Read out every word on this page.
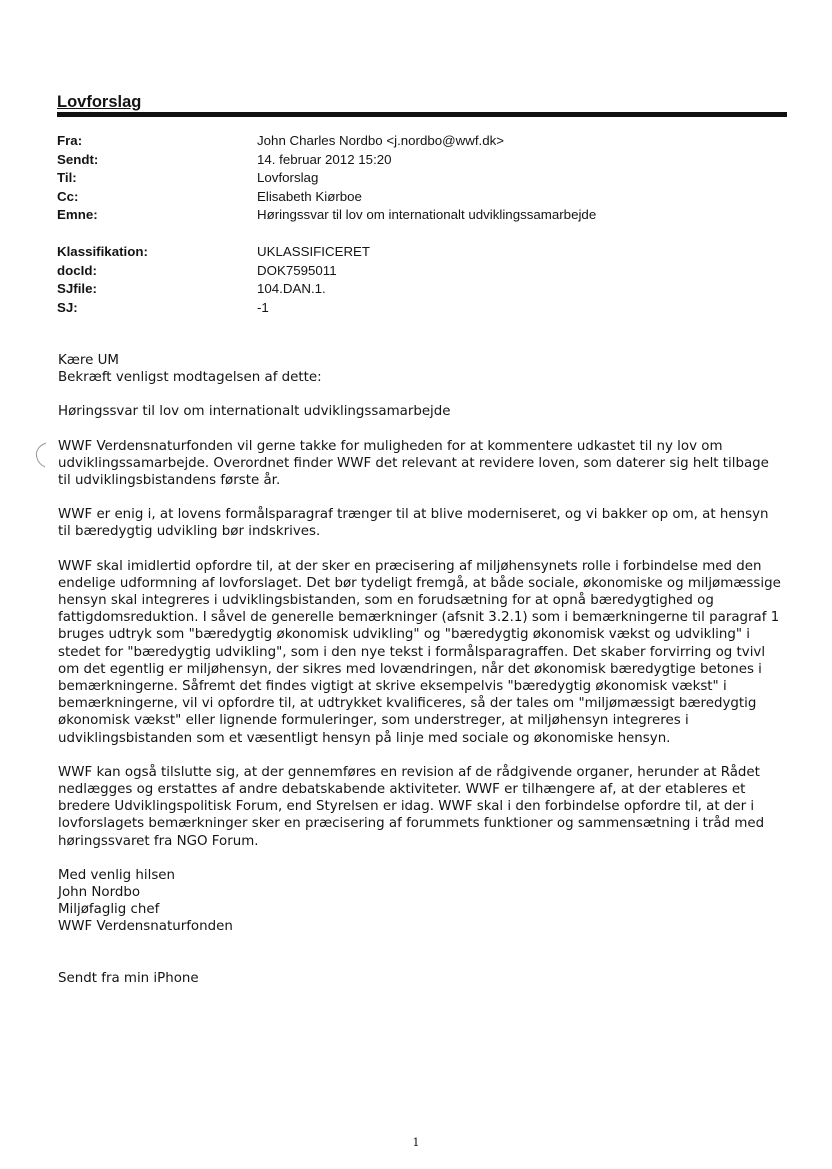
Lovforslag
Fra:	John Charles Nordbo <j.nordbo@wwf.dk>
Sendt:	14. februar 2012 15:20
Til:	Lovforslag
Cc:	Elisabeth Kiørboe
Emne:	Høringssvar til lov om internationalt udviklingssamarbejde
Klassifikation:	UKLASSIFICERET
docId:	DOK7595011
SJfile:	104.DAN.1.
SJ:	-1

Kære UM

Bekræft venligst modtagelsen af dette:

Høringssvar til lov om internationalt udviklingssamarbejde

WWF Verdensnaturfonden vil gerne takke for muligheden for at kommentere udkastet til ny lov om udviklingssamarbejde. Overordnet finder WWF det relevant at revidere loven, som daterer sig helt tilbage til udviklingsbistandens første år.

WWF er enig i, at lovens formålsparagraf trænger til at blive moderniseret, og vi bakker op om, at hensyn til bæredygtig udvikling bør indskrives.

WWF skal imidlertid opfordre til, at der sker en præcisering af miljøhensynets rolle i forbindelse med den endelige udformning af lovforslaget. Det bør tydeligt fremgå, at både sociale, økonomiske og miljømæssige hensyn skal integreres i udviklingsbistanden, som en forudsætning for at opnå bæredygtighed og fattigdomsreduktion. I såvel de generelle bemærkninger (afsnit 3.2.1) som i bemærkningerne til paragraf 1 bruges udtryk som "bæredygtig økonomisk udvikling" og "bæredygtig økonomisk vækst og udvikling" i stedet for "bæredygtig udvikling", som i den nye tekst i formålsparagraffen. Det skaber forvirring og tvivl om det egentlig er miljøhensyn, der sikres med lovændringen, når det økonomisk bæredygtige betones i bemærkningerne. Såfremt det findes vigtigt at skrive eksempelvis "bæredygtig økonomisk vækst" i bemærkningerne, vil vi opfordre til, at udtrykket kvalificeres, så der tales om "miljømæssigt bæredygtig økonomisk vækst" eller lignende formuleringer, som understreger, at miljøhensyn integreres i udviklingsbistanden som et væsentligt hensyn på linje med sociale og økonomiske hensyn.

WWF kan også tilslutte sig, at der gennemføres en revision af de rådgivende organer, herunder at Rådet nedlægges og erstattes af andre debatskabende aktiviteter. WWF er tilhængere af, at der etableres et bredere Udviklingspolitisk Forum, end Styrelsen er idag. WWF skal i den forbindelse opfordre til, at der i lovforslagets bemærkninger sker en præcisering af forummets funktioner og sammensætning i tråd med høringssvaret fra NGO Forum.

Med venlig hilsen

John Nordbo

Miljøfaglig chef

WWF Verdensnaturfonden

Sendt fra min iPhone

1
